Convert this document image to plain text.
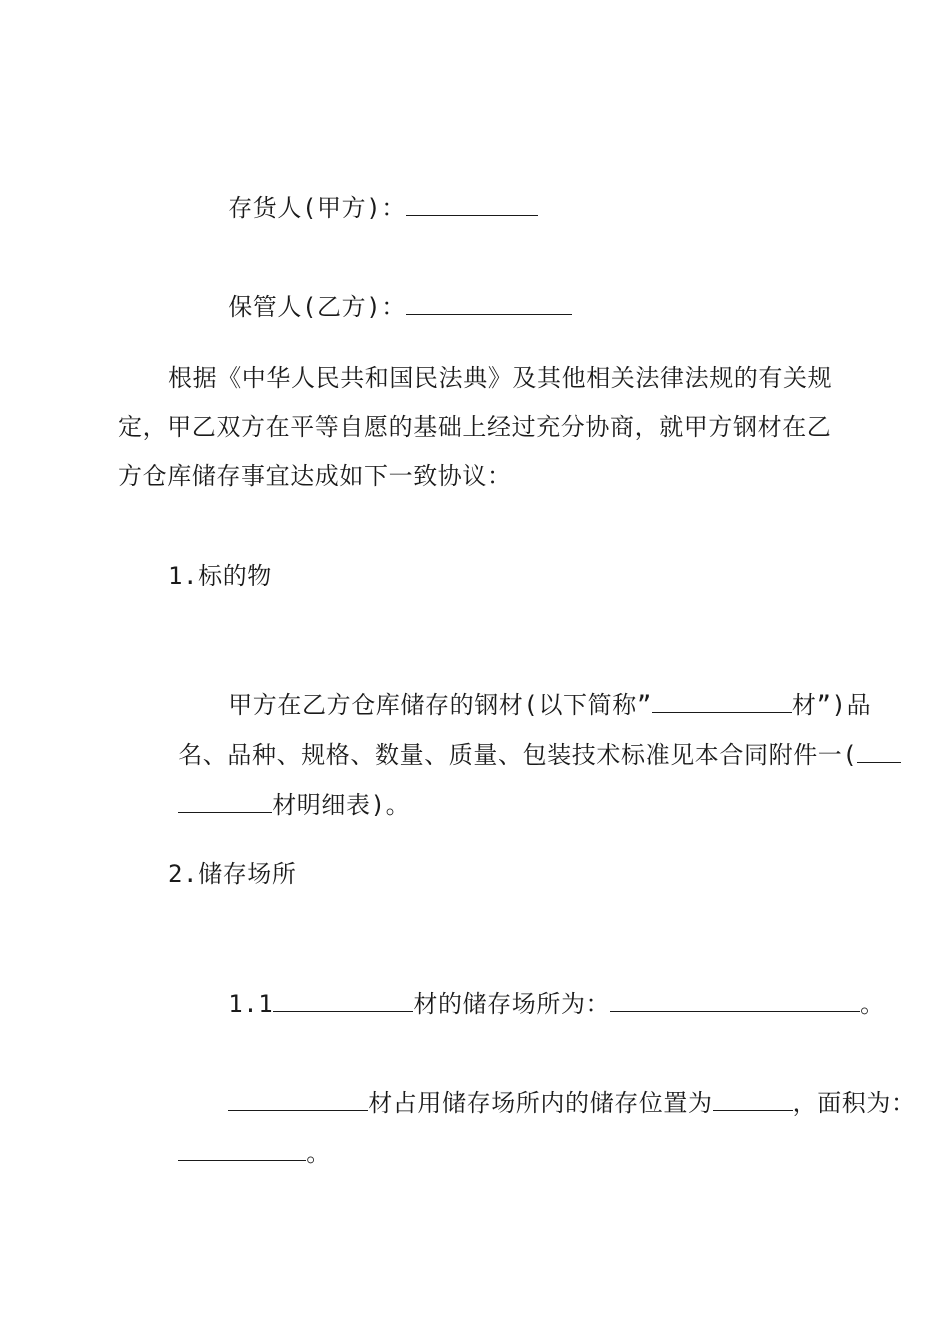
存货人(甲方)：

保管人(乙方)：

根据《中华人民共和国民法典》及其他相关法律法规的有关规
定，甲乙双方在平等自愿的基础上经过充分协商，就甲方钢材在乙
方仓库储存事宜达成如下一致协议：
1.标的物

甲方在乙方仓库储存的钢材(以下简称”	材”)品

名、品种、规格、数量、质量、包装技术标准见本合同附件一(

材明细表)。

2.储存场所

1.1	材的储存场所为：	。

材占用储存场所内的储存位置为	，面积为：

。
